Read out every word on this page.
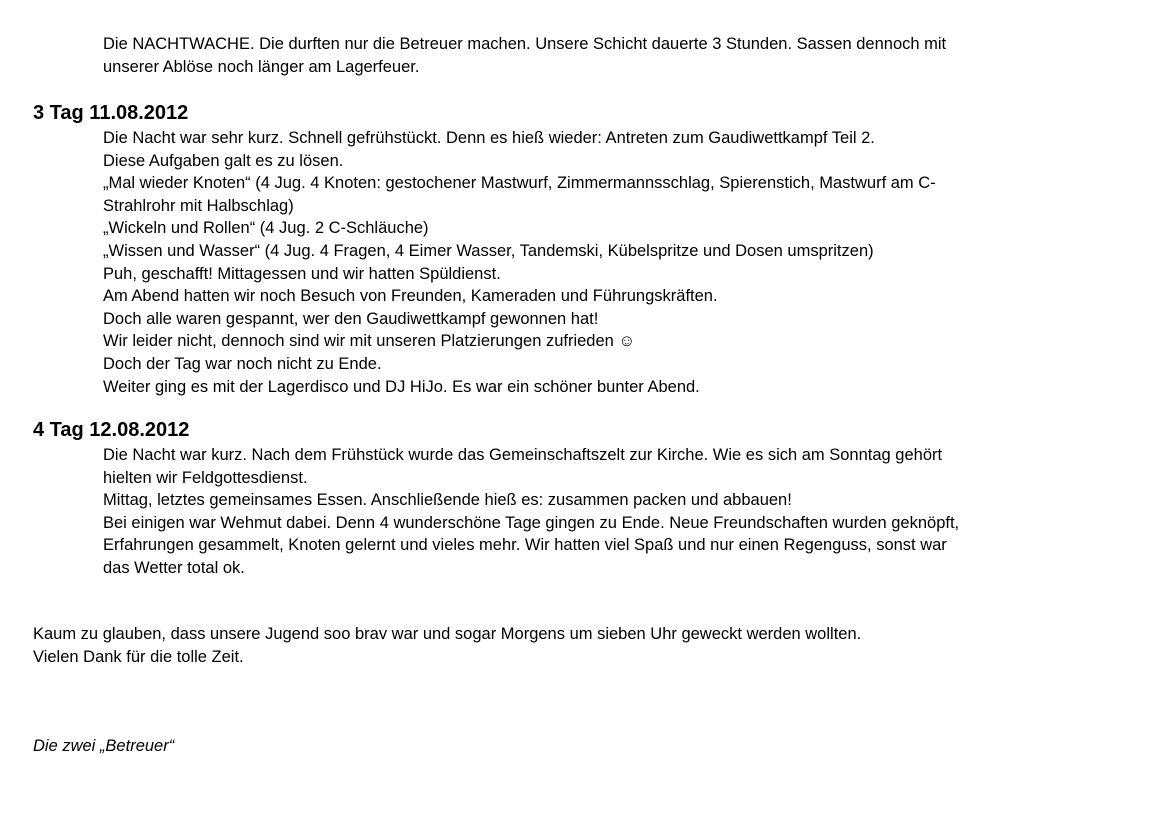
Die NACHTWACHE. Die durften nur die Betreuer machen. Unsere Schicht dauerte 3 Stunden. Sassen dennoch mit
unserer Ablöse noch länger am Lagerfeuer.
3 Tag 11.08.2012
Die Nacht war sehr kurz. Schnell gefrühstückt. Denn es hieß wieder: Antreten zum Gaudiwettkampf Teil 2.
Diese Aufgaben galt es zu lösen.
„Mal wieder Knoten“ (4 Jug. 4 Knoten: gestochener Mastwurf, Zimmermannsschlag, Spierenstich, Mastwurf am C-
Strahlrohr mit Halbschlag)
„Wickeln und Rollen“ (4 Jug. 2 C-Schläuche)
„Wissen und Wasser“ (4 Jug. 4 Fragen, 4 Eimer Wasser, Tandemski, Kübelspritze und Dosen umspritzen)
Puh, geschafft! Mittagessen und wir hatten Spüldienst.
Am Abend hatten wir noch Besuch von Freunden, Kameraden und Führungskräften.
Doch alle waren gespannt, wer den Gaudiwettkampf gewonnen hat!
Wir leider nicht, dennoch sind wir mit unseren Platzierungen zufrieden ☺
Doch der Tag war noch nicht zu Ende.
Weiter ging es mit der Lagerdisco und DJ HiJo. Es war ein schöner bunter Abend.
4 Tag 12.08.2012
Die Nacht war kurz. Nach dem Frühstück wurde das Gemeinschaftszelt zur Kirche. Wie es sich am Sonntag gehört
hielten wir Feldgottesdienst.
Mittag, letztes gemeinsames Essen. Anschließende hieß es: zusammen packen und abbauen!
Bei einigen war Wehmut dabei. Denn 4 wunderschöne Tage gingen zu Ende. Neue Freundschaften wurden geknöpft,
Erfahrungen gesammelt, Knoten gelernt und vieles mehr. Wir hatten viel Spaß und nur einen Regenguss, sonst war
das Wetter total ok.
Kaum zu glauben, dass unsere Jugend soo brav war und sogar Morgens um sieben Uhr geweckt werden wollten.
Vielen Dank für die tolle Zeit.
Die zwei „Betreuer“
